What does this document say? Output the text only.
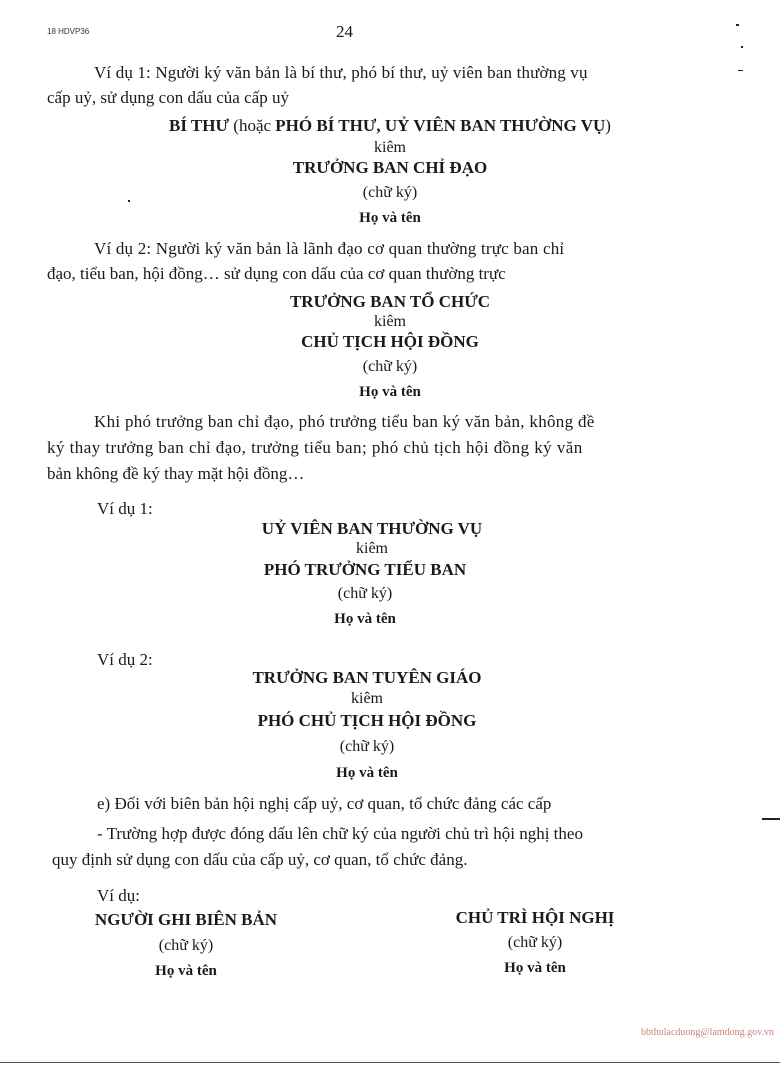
18 HDVP36	24
Ví dụ 1: Người ký văn bản là bí thư, phó bí thư, uỷ viên ban thường vụ
cấp uỷ, sử dụng con dấu của cấp uỷ
BÍ THƯ (hoặc PHÓ BÍ THƯ, UỶ VIÊN BAN THƯỜNG VỤ)
kiêm
TRƯỞNG BAN CHỈ ĐẠO
(chữ ký)
Họ và tên
Ví dụ 2: Người ký văn bản là lãnh đạo cơ quan thường trực ban chỉ
đạo, tiểu ban, hội đồng… sử dụng con dấu của cơ quan thường trực
TRƯỞNG BAN TỔ CHỨC
kiêm
CHỦ TỊCH HỘI ĐỒNG
(chữ ký)
Họ và tên
Khi phó trưởng ban chỉ đạo, phó trưởng tiểu ban ký văn bản, không đề
ký thay trưởng ban chỉ đạo, trưởng tiểu ban; phó chủ tịch hội đồng ký văn
bản không đề ký thay mặt hội đồng…
Ví dụ 1:
UỶ VIÊN BAN THƯỜNG VỤ
kiêm
PHÓ TRƯỞNG TIỂU BAN
(chữ ký)
Họ và tên
Ví dụ 2:
TRƯỞNG BAN TUYÊN GIÁO
kiêm
PHÓ CHỦ TỊCH HỘI ĐỒNG
(chữ ký)
Họ và tên
e) Đối với biên bản hội nghị cấp uỷ, cơ quan, tổ chức đảng các cấp
- Trường hợp được đóng dấu lên chữ ký của người chủ trì hội nghị theo
quy định sử dụng con dấu của cấp uỷ, cơ quan, tổ chức đảng.
Ví dụ:
NGƯỜI GHI BIÊN BẢN
(chữ ký)
Họ và tên
CHỦ TRÌ HỘI NGHỊ
(chữ ký)
Họ và tên
bbthulacduong@lamdong.gov.vn
